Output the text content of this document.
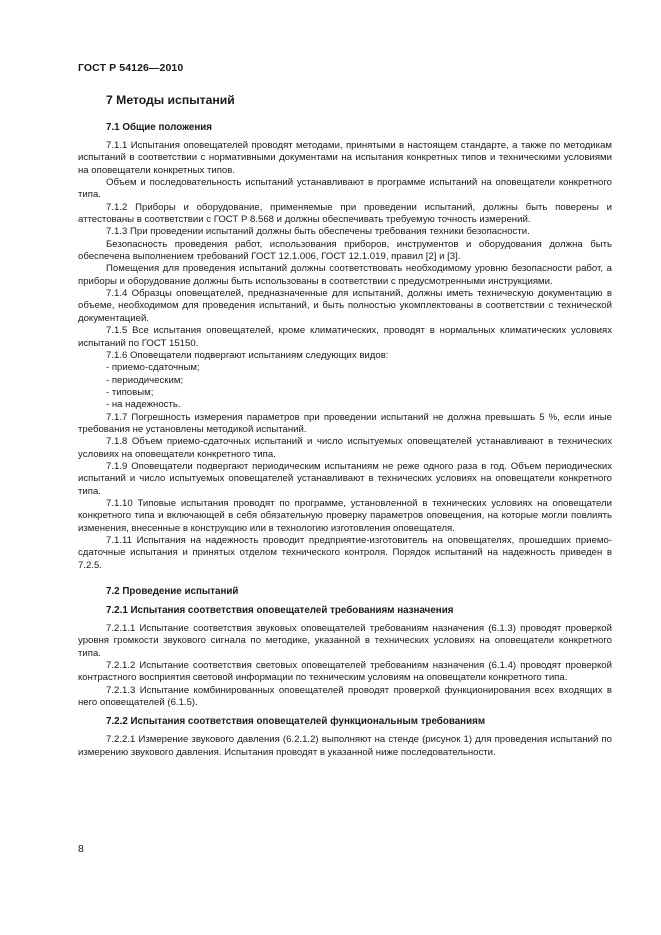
ГОСТ Р 54126—2010
7 Методы испытаний
7.1 Общие положения

7.1.1 Испытания оповещателей проводят методами, принятыми в настоящем стандарте, а также по методикам испытаний в соответствии с нормативными документами на испытания конкретных типов и техническими условиями на оповещатели конкретных типов.

Объем и последовательность испытаний устанавливают в программе испытаний на оповещатели конкретного типа.

7.1.2 Приборы и оборудование, применяемые при проведении испытаний, должны быть поверены и аттестованы в соответствии с ГОСТ Р 8.568 и должны обеспечивать требуемую точность измерений.

7.1.3 При проведении испытаний должны быть обеспечены требования техники безопасности.

Безопасность проведения работ, использования приборов, инструментов и оборудования должна быть обеспечена выполнением требований ГОСТ 12.1.006, ГОСТ 12.1.019, правил [2] и [3].

Помещения для проведения испытаний должны соответствовать необходимому уровню безопасности работ, а приборы и оборудование должны быть использованы в соответствии с предусмотренными инструкциями.

7.1.4 Образцы оповещателей, предназначенные для испытаний, должны иметь техническую документацию в объеме, необходимом для проведения испытаний, и быть полностью укомплектованы в соответствии с технической документацией.

7.1.5 Все испытания оповещателей, кроме климатических, проводят в нормальных климатических условиях испытаний по ГОСТ 15150.

7.1.6 Оповещатели подвергают испытаниям следующих видов:

- приемо-сдаточным;

- периодическим;

- типовым;

- на надежность.

7.1.7 Погрешность измерения параметров при проведении испытаний не должна превышать 5 %, если иные требования не установлены методикой испытаний.

7.1.8 Объем приемо-сдаточных испытаний и число испытуемых оповещателей устанавливают в технических условиях на оповещатели конкретного типа.

7.1.9 Оповещатели подвергают периодическим испытаниям не реже одного раза в год. Объем периодических испытаний и число испытуемых оповещателей устанавливают в технических условиях на оповещатели конкретного типа.

7.1.10 Типовые испытания проводят по программе, установленной в технических условиях на оповещатели конкретного типа и включающей в себя обязательную проверку параметров оповещения, на которые могли повлиять изменения, внесенные в конструкцию или в технологию изготовления оповещателя.

7.1.11 Испытания на надежность проводит предприятие-изготовитель на оповещателях, прошедших приемо-сдаточные испытания и принятых отделом технического контроля. Порядок испытаний на надежность приведен в 7.2.5.

7.2 Проведение испытаний
7.2.1 Испытания соответствия оповещателей требованиям назначения

7.2.1.1 Испытание соответствия звуковых оповещателей требованиям назначения (6.1.3) проводят проверкой уровня громкости звукового сигнала по методике, указанной в технических условиях на оповещатели конкретного типа.

7.2.1.2 Испытание соответствия световых оповещателей требованиям назначения (6.1.4) проводят проверкой контрастного восприятия световой информации по техническим условиям на оповещатели конкретного типа.

7.2.1.3 Испытание комбинированных оповещателей проводят проверкой функционирования всех входящих в него оповещателей (6.1.5).

7.2.2 Испытания соответствия оповещателей функциональным требованиям

7.2.2.1 Измерение звукового давления (6.2.1.2) выполняют на стенде (рисунок 1) для проведения испытаний по измерению звукового давления. Испытания проводят в указанной ниже последовательности.

8
